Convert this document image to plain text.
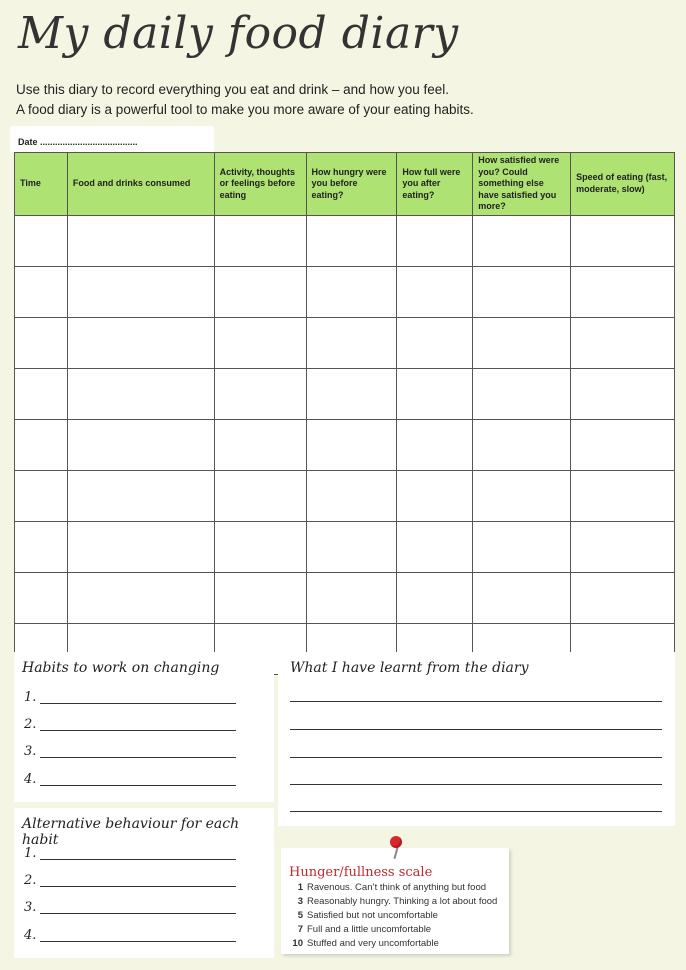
My daily food diary
Use this diary to record everything you eat and drink – and how you feel.
A food diary is a powerful tool to make you more aware of your eating habits.
Date .......................................
Time	Food and drinks consumed	Activity, thoughts or feelings before eating	How hungry were you before eating?	How full were you after eating?	How satisfied were you? Could something else have satisfied you more?	Speed of eating (fast, moderate, slow)

Habits to work on changing
1.
2.
3.
4.
What I have learnt from the diary
Alternative behaviour for each habit
1.
2.
3.
4.
Hunger/fullness scale
1 Ravenous. Can’t think of anything but food
3 Reasonably hungry. Thinking a lot about food
5 Satisfied but not uncomfortable
7 Full and a little uncomfortable
10 Stuffed and very uncomfortable
